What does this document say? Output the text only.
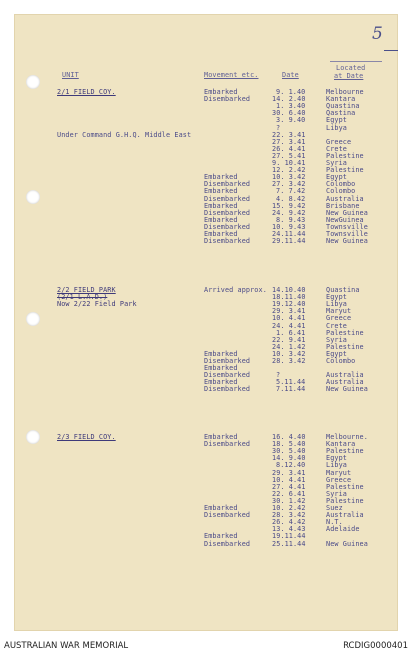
5
UNIT	Movement etc.	Date
Located
at Date
2/1 FIELD COY.	Embarked	9. 1.40	Melbourne
Disembarked	14. 2.40	Kantara
1. 3.40	Quastina
30. 6.40	Qastina
3. 9.40	Egypt
?	Libya
22. 3.41
27. 3.41	Greece
26. 4.41	Crete
27. 5.41	Palestine
9. 10.41	Syria
12. 2.42	Palestine
Embarked	10. 3.42	Egypt
Disembarked	27. 3.42	Colombo
Embarked	7. 7.42	Colombo
Disembarked	4. 8.42	Australia
Embarked	15. 9.42	Brisbane
Disembarked	24. 9.42	New Guinea
Embarked	8. 9.43	NewGuinea
Disembarked	10. 9.43	Townsville
Embarked	24.11.44	Townsville
Disembarked	29.11.44	New Guinea
Under Command G.H.Q. Middle East
2/2 FIELD PARK
(2/1 L.A.D.)
Now 2/22 Field Park
Arrived approx. 14.10.40	Quastina
18.11.40	Egypt
19.12.40	Libya
29. 3.41	Maryut
10. 4.41	Greece
24. 4.41	Crete
1. 6.41	Palestine
22. 9.41	Syria
24. 1.42	Palestine
Embarked	10. 3.42	Egypt
Disembarked	28. 3.42	Colombo
Embarked
Disembarked	?	Australia
Embarked	5.11.44	Australia
Disembarked	7.11.44	New Guinea
2/3 FIELD COY.	Embarked	16. 4.40	Melbourne.
Disembarked	18. 5.40	Kantara
30. 5.40	Palestine
14. 9.40	Egypt
8.12.40	Libya
29. 3.41	Maryut
10. 4.41	Greece
27. 4.41	Palestine
22. 6.41	Syria
30. 1.42	Palestine
Embarked	10. 2.42	Suez
Disembarked	28. 3.42	Australia
26. 4.42	N.T.
13. 4.43	Adelaide
Embarked	19.11.44
Disembarked	25.11.44	New Guinea
AUSTRALIAN WAR MEMORIAL	RCDIG0000401
